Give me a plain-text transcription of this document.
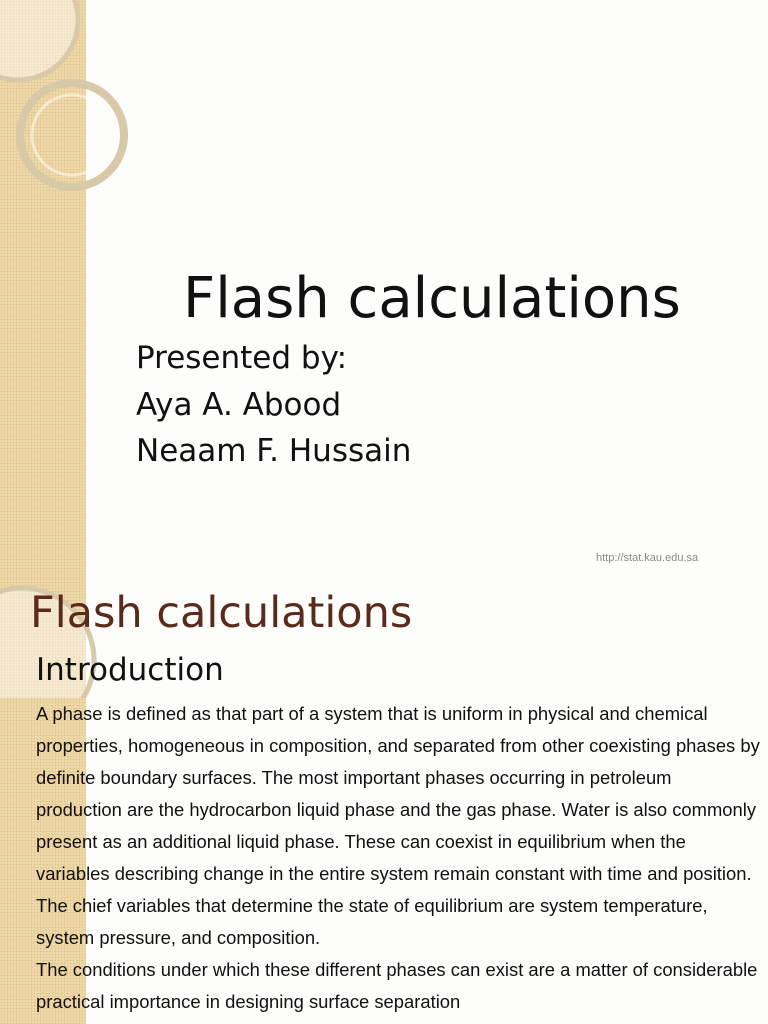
Flash calculations
Presented by:
Aya A. Abood
Neaam F. Hussain
http://stat.kau.edu.sa
Flash calculations
Introduction

A phase is defined as that part of a system that is uniform in physical and chemical properties, homogeneous in composition, and separated from other coexisting phases by definite boundary surfaces. The most important phases occurring in petroleum production are the hydrocarbon liquid phase and the gas phase. Water is also commonly present as an additional liquid phase. These can coexist in equilibrium when the variables describing change in the entire system remain constant with time and position. The chief variables that determine the state of equilibrium are system temperature, system pressure, and composition.

The conditions under which these different phases can exist are a matter of considerable practical importance in designing surface separation
